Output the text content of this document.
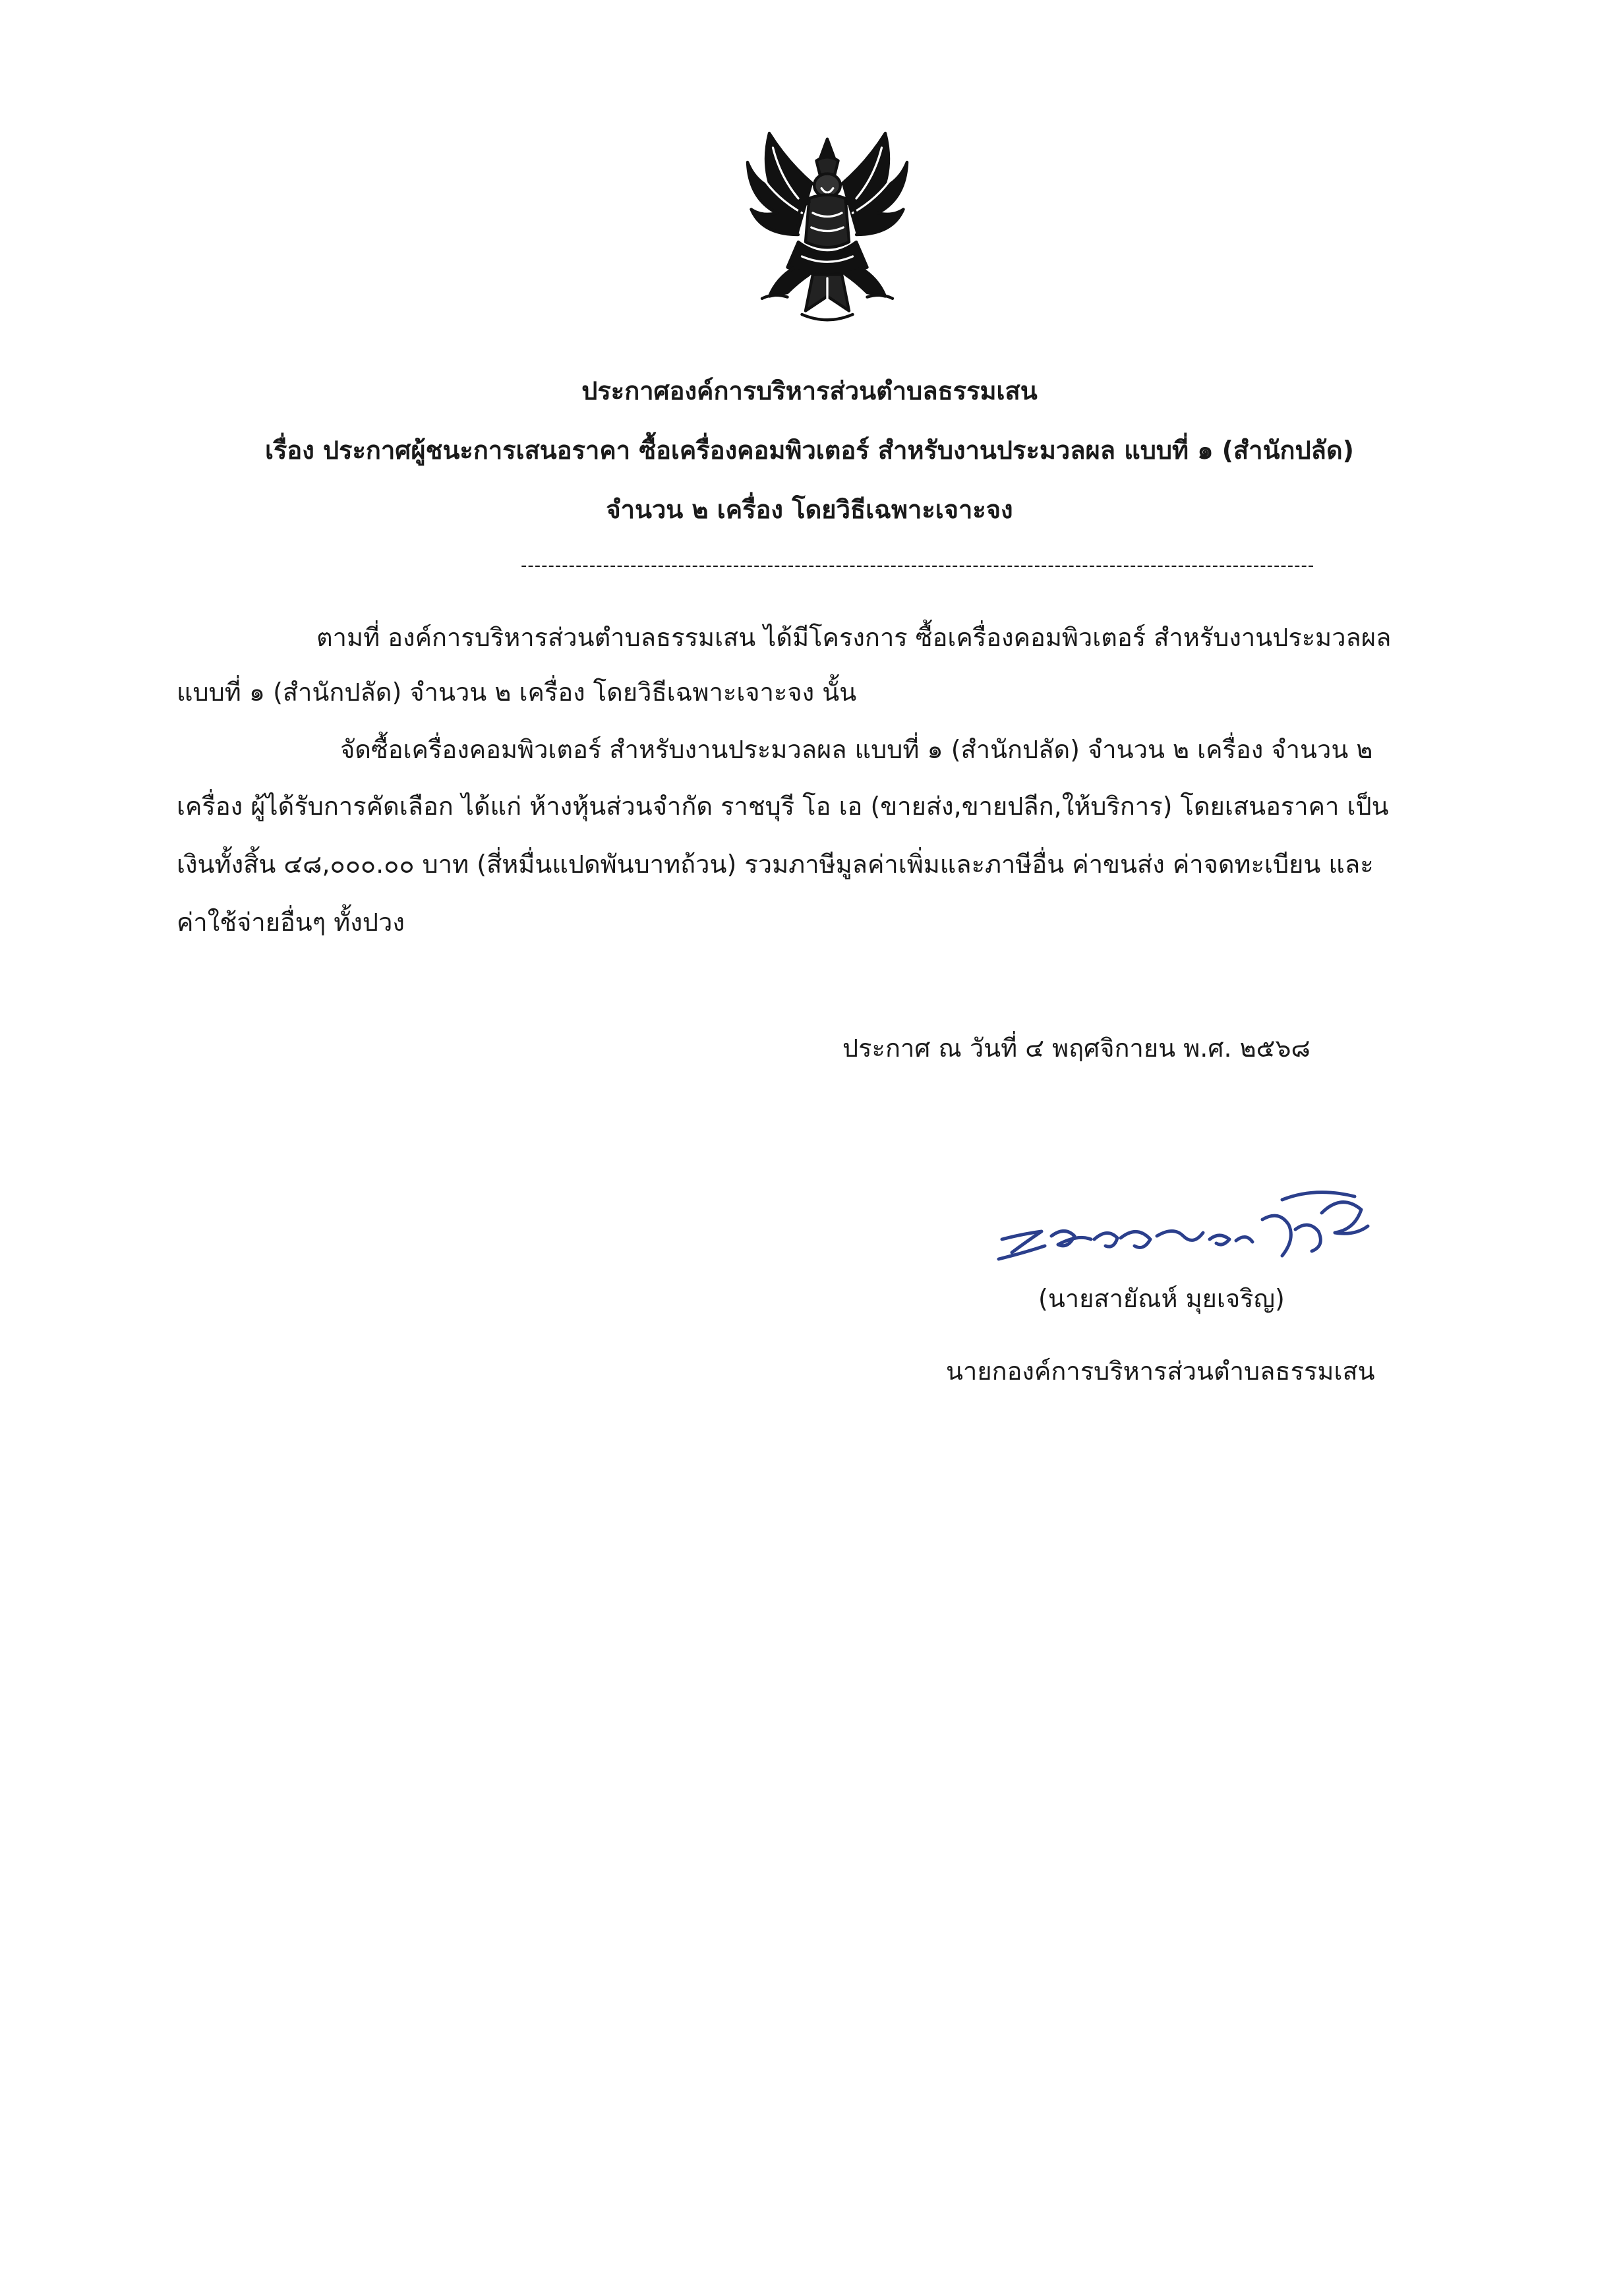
ประกาศองค์การบริหารส่วนตำบลธรรมเสน
เรื่อง ประกาศผู้ชนะการเสนอราคา ซื้อเครื่องคอมพิวเตอร์ สำหรับงานประมวลผล แบบที่ ๑ (สำนักปลัด)
จำนวน ๒ เครื่อง โดยวิธีเฉพาะเจาะจง
--------------------------------------------------------------------------------------------------------------------
ตามที่ องค์การบริหารส่วนตำบลธรรมเสน ได้มีโครงการ ซื้อเครื่องคอมพิวเตอร์ สำหรับงานประมวลผล
แบบที่ ๑ (สำนักปลัด) จำนวน ๒ เครื่อง โดยวิธีเฉพาะเจาะจง นั้น
จัดซื้อเครื่องคอมพิวเตอร์ สำหรับงานประมวลผล แบบที่ ๑ (สำนักปลัด) จำนวน ๒ เครื่อง จำนวน ๒
เครื่อง ผู้ได้รับการคัดเลือก ได้แก่ ห้างหุ้นส่วนจำกัด ราชบุรี โอ เอ (ขายส่ง,ขายปลีก,ให้บริการ) โดยเสนอราคา เป็น
เงินทั้งสิ้น ๔๘,๐๐๐.๐๐ บาท (สี่หมื่นแปดพันบาทถ้วน) รวมภาษีมูลค่าเพิ่มและภาษีอื่น ค่าขนส่ง ค่าจดทะเบียน และ
ค่าใช้จ่ายอื่นๆ ทั้งปวง
ประกาศ ณ วันที่ ๔ พฤศจิกายน พ.ศ. ๒๕๖๘
(นายสายัณห์ มุยเจริญ)
นายกองค์การบริหารส่วนตำบลธรรมเสน
